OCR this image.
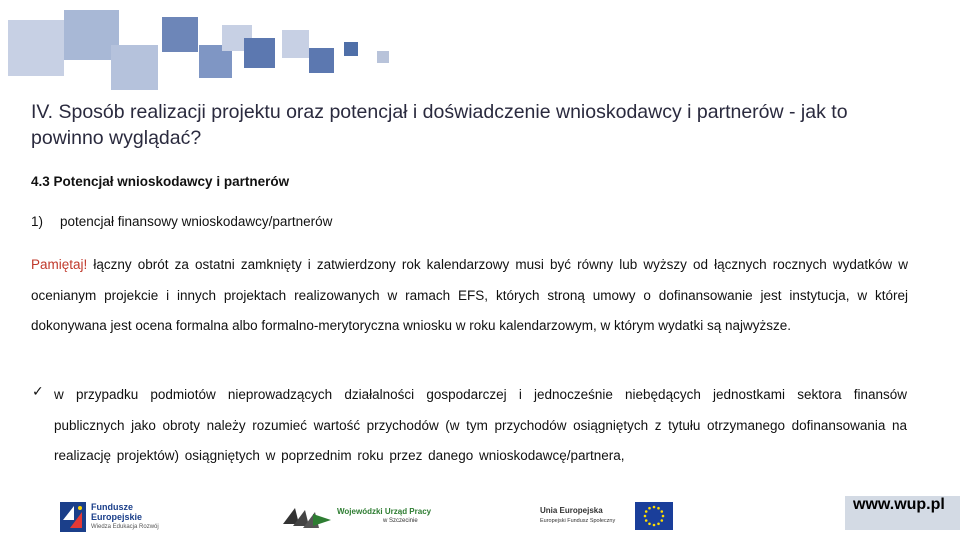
IV. Sposób realizacji projektu oraz potencjał i doświadczenie wnioskodawcy i partnerów - jak to powinno wyglądać?
4.3 Potencjał wnioskodawcy i partnerów
1) potencjał finansowy wnioskodawcy/partnerów
Pamiętaj! łączny obrót za ostatni zamknięty i zatwierdzony rok kalendarzowy musi być równy lub wyższy od łącznych rocznych wydatków w ocenianym projekcie i innych projektach realizowanych w ramach EFS, których stroną umowy o dofinansowanie jest instytucja, w której dokonywana jest ocena formalna albo formalno-merytoryczna wniosku w roku kalendarzowym, w którym wydatki są najwyższe.
✓ w przypadku podmiotów nieprowadzących działalności gospodarczej i jednocześnie niebędących jednostkami sektora finansów publicznych jako obroty należy rozumieć wartość przychodów (w tym przychodów osiągniętych z tytułu otrzymanego dofinansowania na realizację projektów) osiągniętych w poprzednim roku przez danego wnioskodawcę/partnera,
Fundusze
Europejskie
Wiedza Edukacja Rozwój
Wojewódzki Urząd Pracy
w Szczecinie
Unia Europejska
Europejski Fundusz Społeczny
www.wup.pl
